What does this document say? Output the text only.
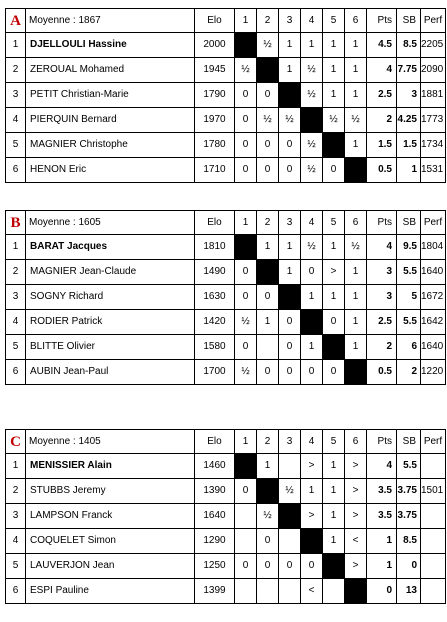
A	Moyenne : 1867	Elo	1	2	3	4	5	6	Pts	SB	Perf
1	DJELLOULI Hassine	2000		½	1	1	1	1	4.5	8.5	2205
2	ZEROUAL Mohamed	1945	½		1	½	1	1	4	7.75	2090
3	PETIT Christian-Marie	1790	0	0		½	1	1	2.5	3	1881
4	PIERQUIN Bernard	1970	0	½	½		½	½	2	4.25	1773
5	MAGNIER Christophe	1780	0	0	0	½		1	1.5	1.5	1734
6	HENON Eric	1710	0	0	0	½	0		0.5	1	1531
B	Moyenne : 1605	Elo	1	2	3	4	5	6	Pts	SB	Perf
1	BARAT Jacques	1810		1	1	½	1	½	4	9.5	1804
2	MAGNIER Jean-Claude	1490	0		1	0	>	1	3	5.5	1640
3	SOGNY Richard	1630	0	0		1	1	1	3	5	1672
4	RODIER Patrick	1420	½	1	0		0	1	2.5	5.5	1642
5	BLITTE Olivier	1580	0		0	1		1	2	6	1640
6	AUBIN Jean-Paul	1700	½	0	0	0	0		0.5	2	1220
C	Moyenne : 1405	Elo	1	2	3	4	5	6	Pts	SB	Perf
1	MENISSIER Alain	1460		1		>	1	>	4	5.5	
2	STUBBS Jeremy	1390	0		½	1	1	>	3.5	3.75	1501
3	LAMPSON Franck	1640		½		>	1	>	3.5	3.75	
4	COQUELET Simon	1290		0			1	<	1	8.5	
5	LAUVERJON Jean	1250	0	0	0	0		>	1	0	
6	ESPI Pauline	1399				<			0	13	
